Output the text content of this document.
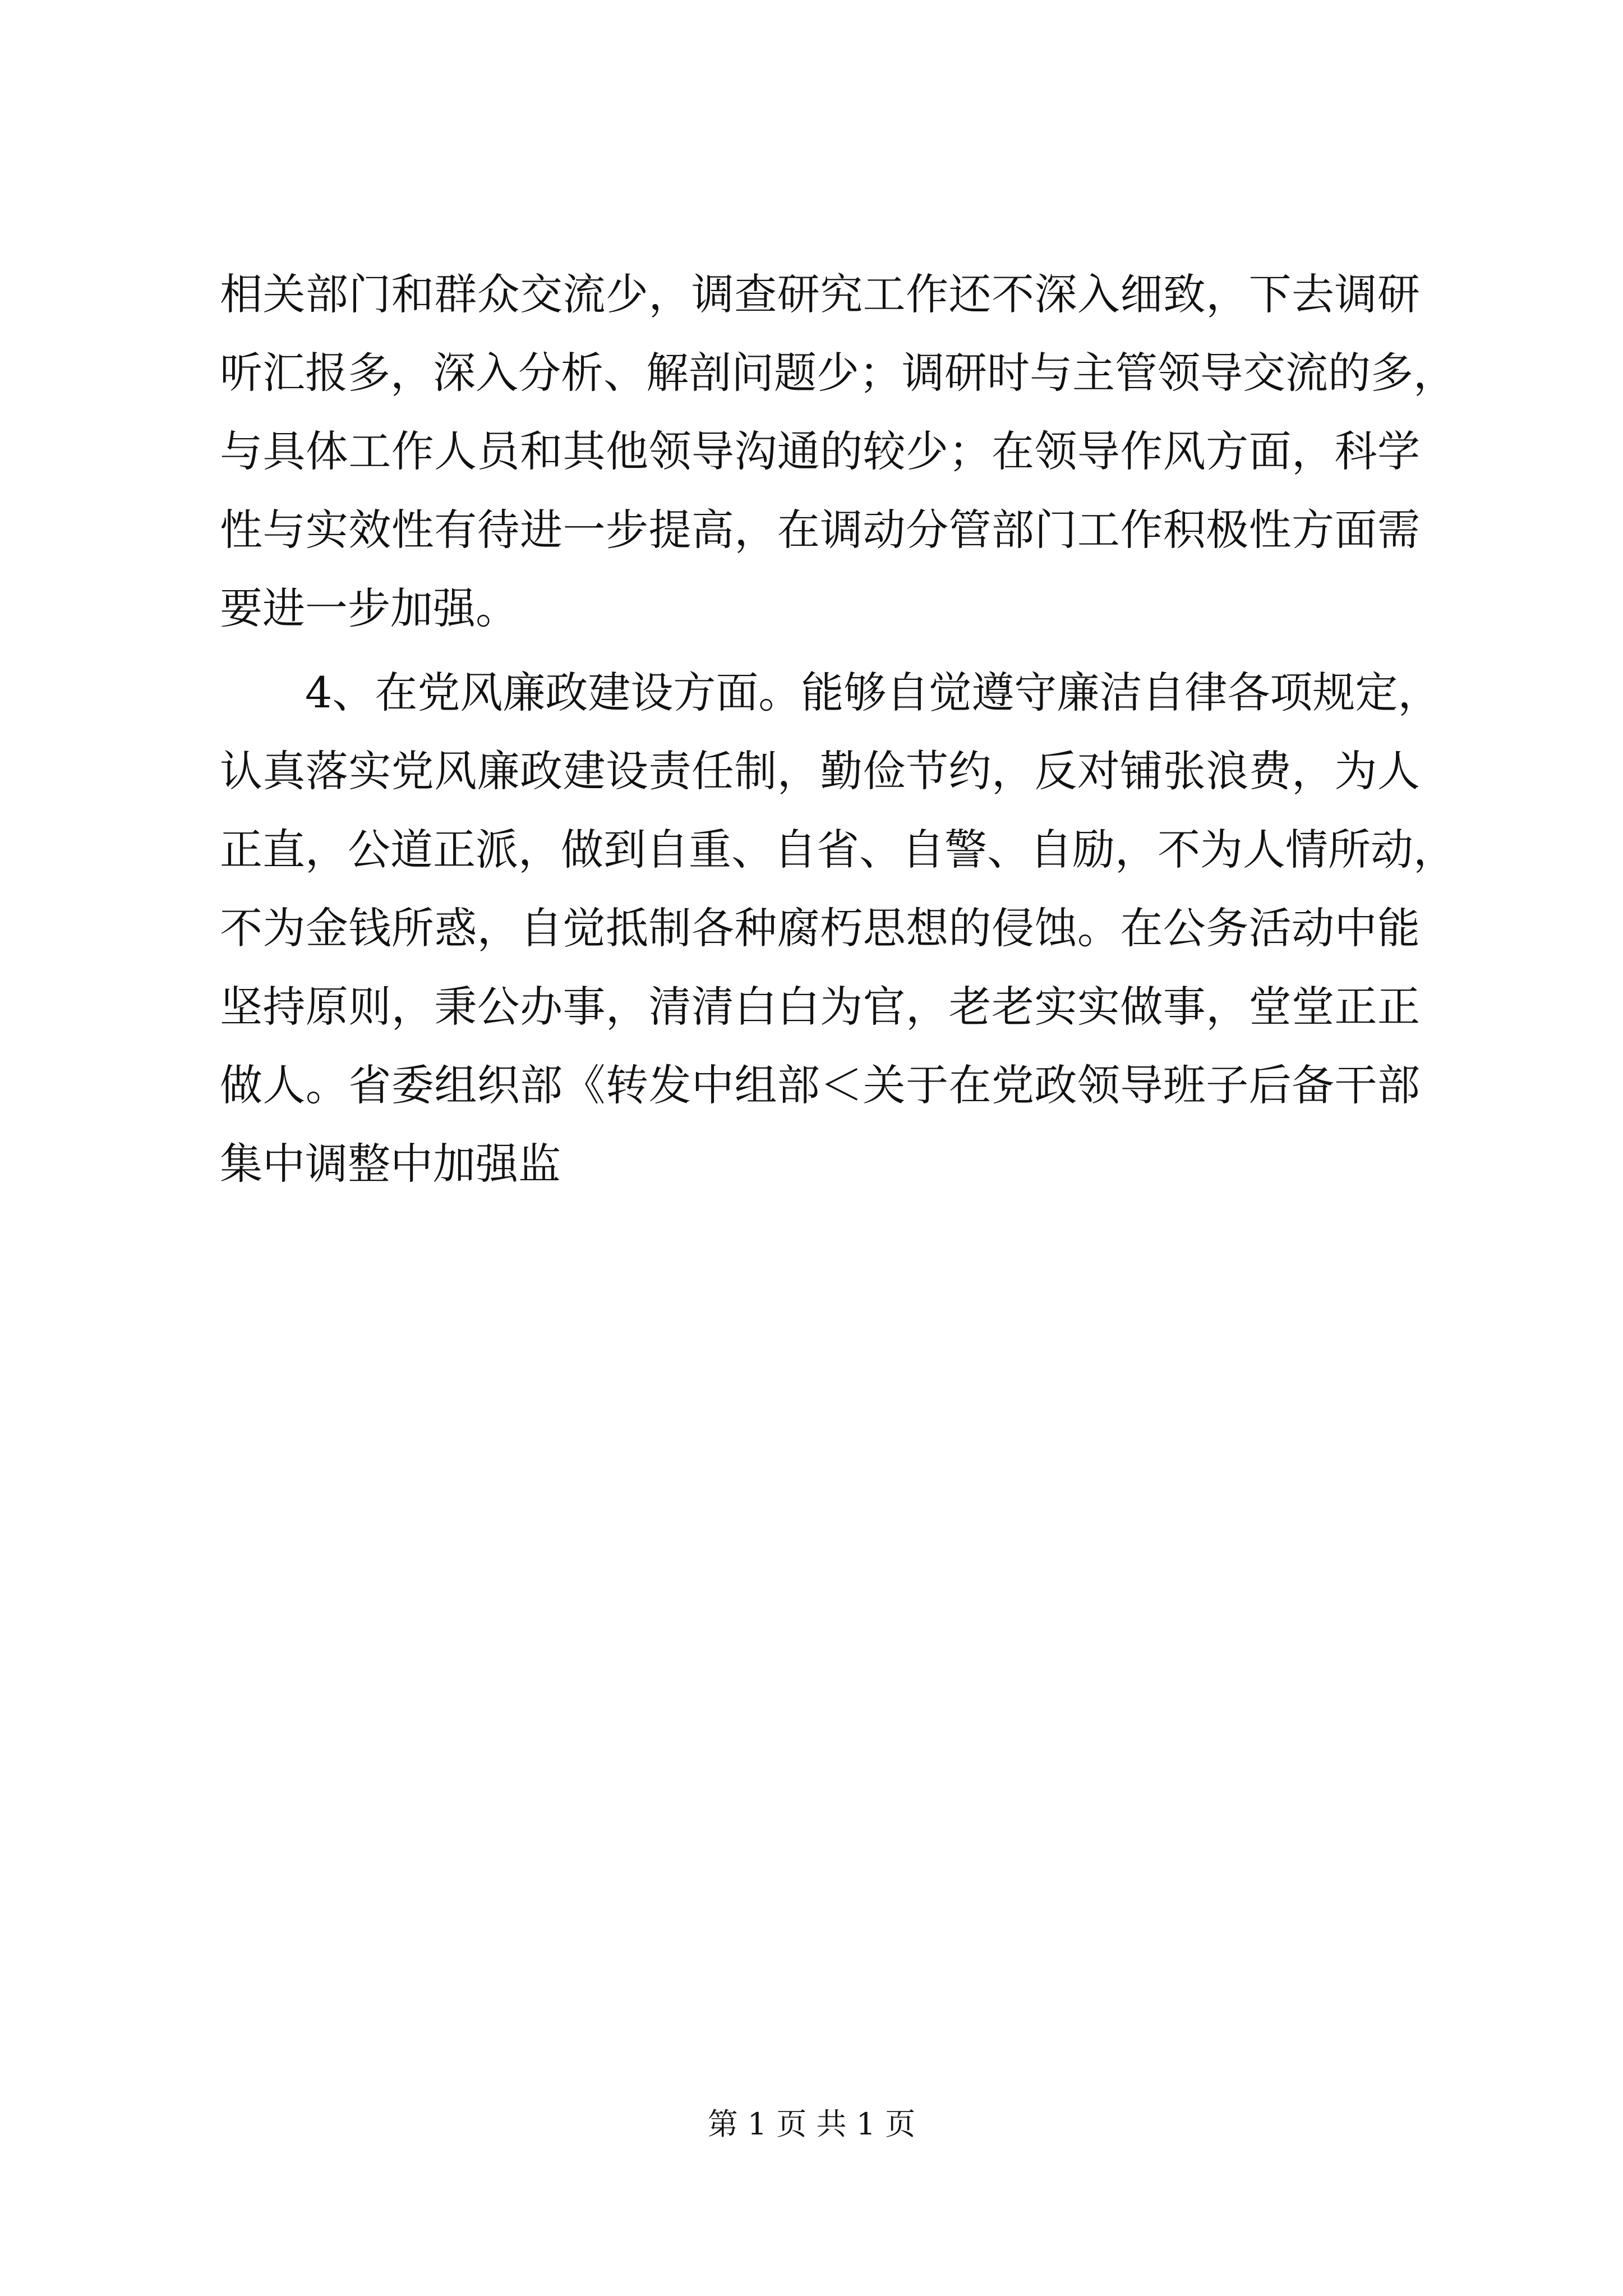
相关部门和群众交流少，调查研究工作还不深入细致，下去调研
听汇报多，深入分析、解剖问题少；调研时与主管领导交流的多，
与具体工作人员和其他领导沟通的较少；在领导作风方面，科学
性与实效性有待进一步提高，在调动分管部门工作积极性方面需
要进一步加强。
4、在党风廉政建设方面。能够自觉遵守廉洁自律各项规定，
认真落实党风廉政建设责任制，勤俭节约，反对铺张浪费，为人
正直，公道正派，做到自重、自省、自警、自励，不为人情所动，
不为金钱所惑，自觉抵制各种腐朽思想的侵蚀。在公务活动中能
坚持原则，秉公办事，清清白白为官，老老实实做事，堂堂正正
做人。省委组织部《转发中组部＜关于在党政领导班子后备干部
集中调整中加强监
第 1 页 共 1 页
